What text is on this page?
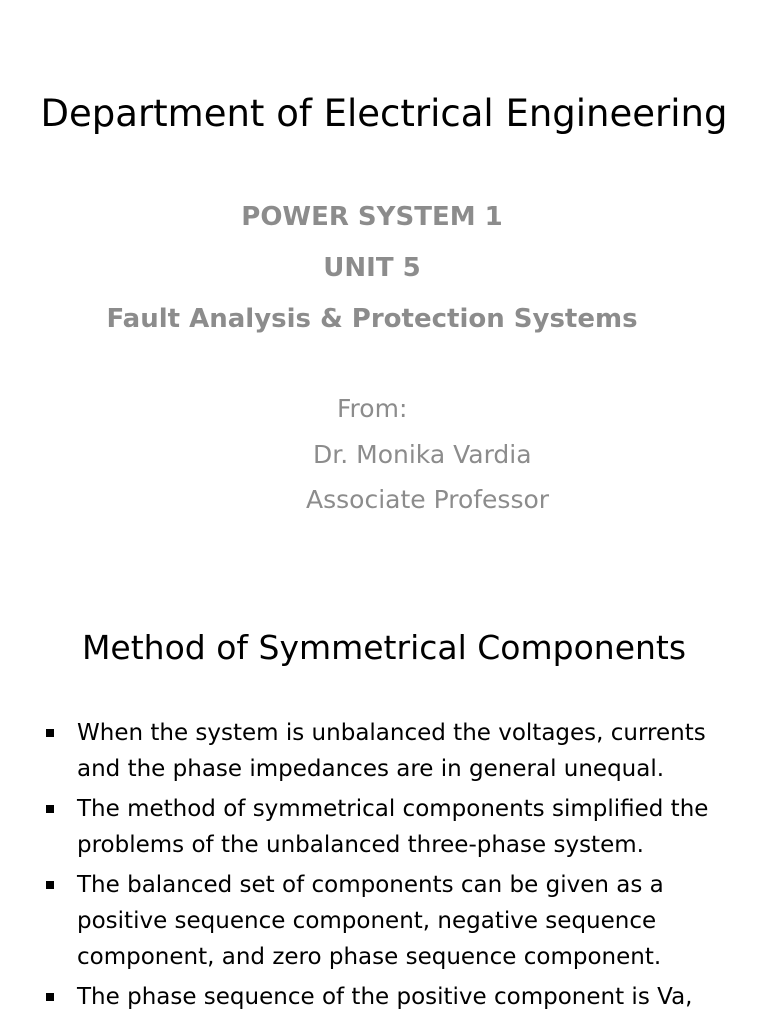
Department of Electrical Engineering
POWER SYSTEM 1
UNIT 5
Fault Analysis & Protection Systems
From:
Dr. Monika Vardia
Associate Professor
Method of Symmetrical Components
When the system is unbalanced the voltages, currents and the phase impedances are in general unequal.
The method of symmetrical components simplified the problems of the unbalanced three-phase system.
The balanced set of components can be given as a positive sequence component, negative sequence component, and zero phase sequence component.
The phase sequence of the positive component is Va,
